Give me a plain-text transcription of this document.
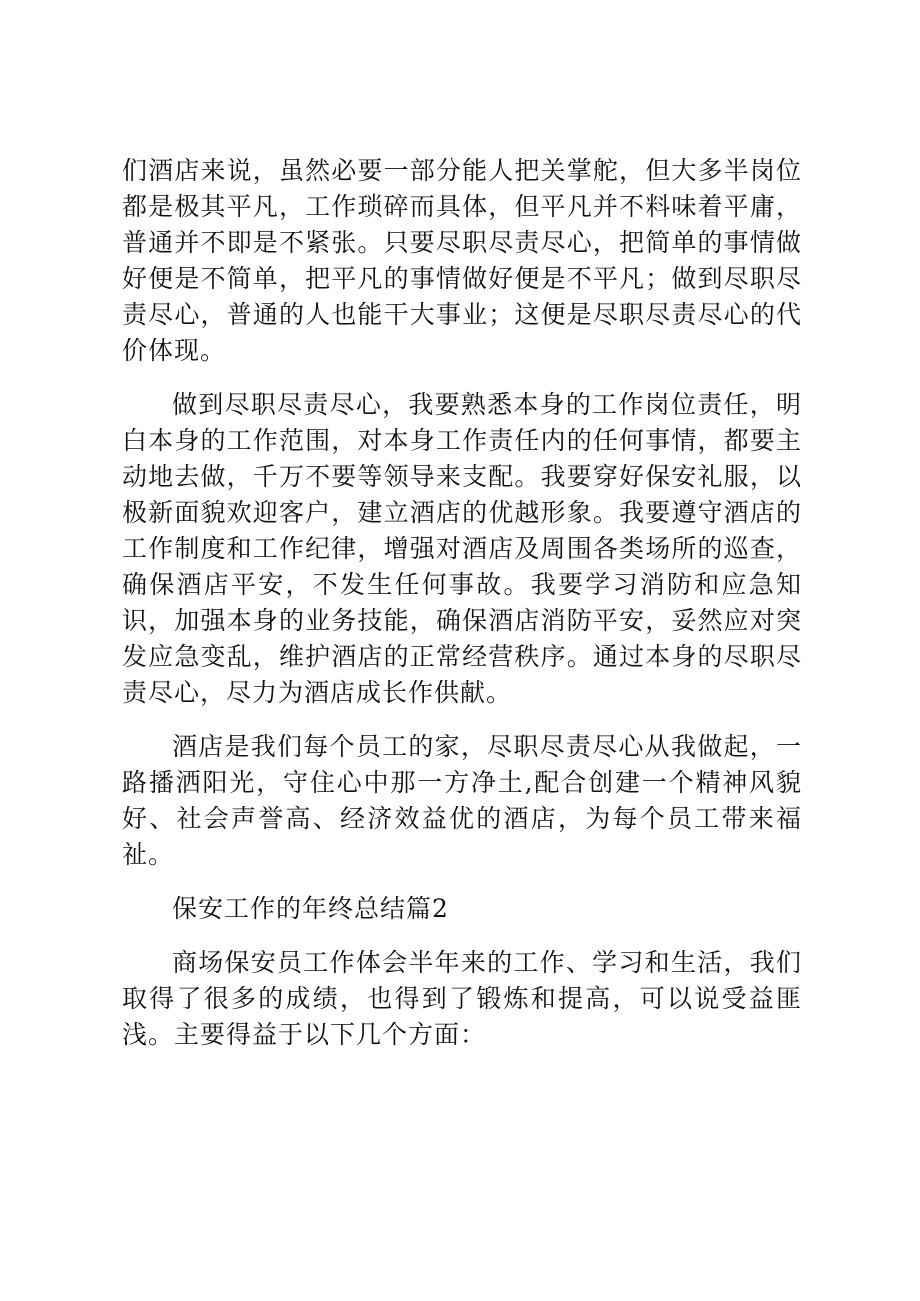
们酒店来说，虽然必要一部分能人把关掌舵，但大多半岗位都是极其平凡，工作琐碎而具体，但平凡并不料味着平庸，普通并不即是不紧张。只要尽职尽责尽心，把简单的事情做好便是不简单，把平凡的事情做好便是不平凡；做到尽职尽责尽心，普通的人也能干大事业；这便是尽职尽责尽心的代价体现。

做到尽职尽责尽心，我要熟悉本身的工作岗位责任，明白本身的工作范围，对本身工作责任内的任何事情，都要主动地去做，千万不要等领导来支配。我要穿好保安礼服，以极新面貌欢迎客户，建立酒店的优越形象。我要遵守酒店的工作制度和工作纪律，增强对酒店及周围各类场所的巡查，确保酒店平安，不发生任何事故。我要学习消防和应急知识，加强本身的业务技能，确保酒店消防平安，妥然应对突发应急变乱，维护酒店的正常经营秩序。通过本身的尽职尽责尽心，尽力为酒店成长作供献。

酒店是我们每个员工的家，尽职尽责尽心从我做起，一路播洒阳光，守住心中那一方净土,配合创建一个精神风貌好、社会声誉高、经济效益优的酒店，为每个员工带来福祉。

保安工作的年终总结篇2

商场保安员工作体会半年来的工作、学习和生活，我们取得了很多的成绩，也得到了锻炼和提高，可以说受益匪浅。主要得益于以下几个方面：
